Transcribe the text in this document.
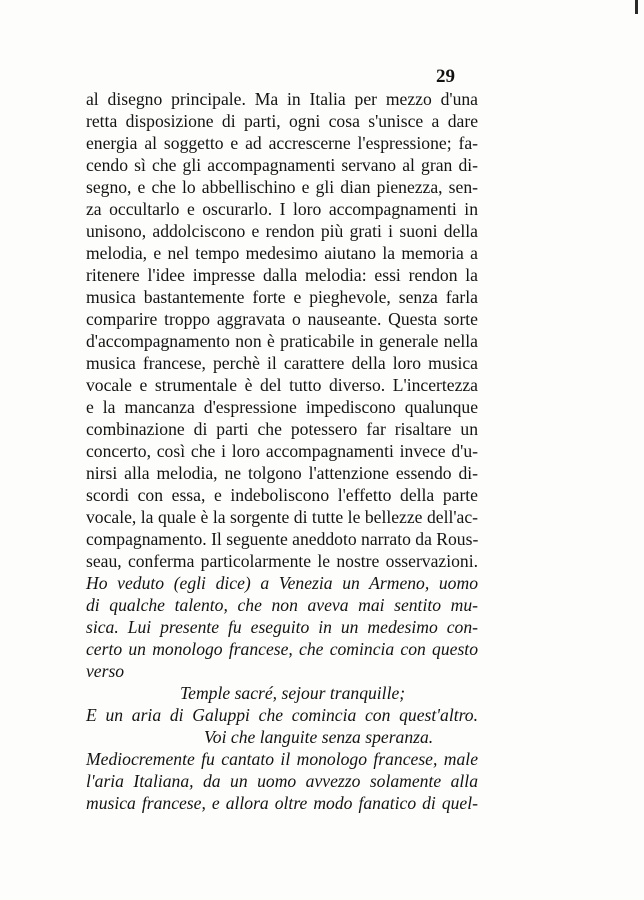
29
al disegno principale. Ma in Italia per mezzo d'una
retta disposizione di parti, ogni cosa s'unisce a dare
energia al soggetto e ad accrescerne l'espressione; fa-
cendo sì che gli accompagnamenti servano al gran di-
segno, e che lo abbellischino e gli dian pienezza, sen-
za occultarlo e oscurarlo. I loro accompagnamenti in
unisono, addolciscono e rendon più grati i suoni della
melodia, e nel tempo medesimo aiutano la memoria a
ritenere l'idee impresse dalla melodia: essi rendon la
musica bastantemente forte e pieghevole, senza farla
comparire troppo aggravata o nauseante. Questa sorte
d'accompagnamento non è praticabile in generale nella
musica francese, perchè il carattere della loro musica
vocale e strumentale è del tutto diverso. L'incertezza
e la mancanza d'espressione impediscono qualunque
combinazione di parti che potessero far risaltare un
concerto, così che i loro accompagnamenti invece d'u-
nirsi alla melodia, ne tolgono l'attenzione essendo di-
scordi con essa, e indeboliscono l'effetto della parte
vocale, la quale è la sorgente di tutte le bellezze dell'ac-
compagnamento. Il seguente aneddoto narrato da Rous-
seau, conferma particolarmente le nostre osservazioni.
Ho veduto (egli dice) a Venezia un Armeno, uomo
di qualche talento, che non aveva mai sentito mu-
sica. Lui presente fu eseguito in un medesimo con-
certo un monologo francese, che comincia con questo
verso
Temple sacré, sejour tranquille;
E un aria di Galuppi che comincia con quest'altro.
Voi che languite senza speranza.
Mediocremente fu cantato il monologo francese, male
l'aria Italiana, da un uomo avvezzo solamente alla
musica francese, e allora oltre modo fanatico di quel-
